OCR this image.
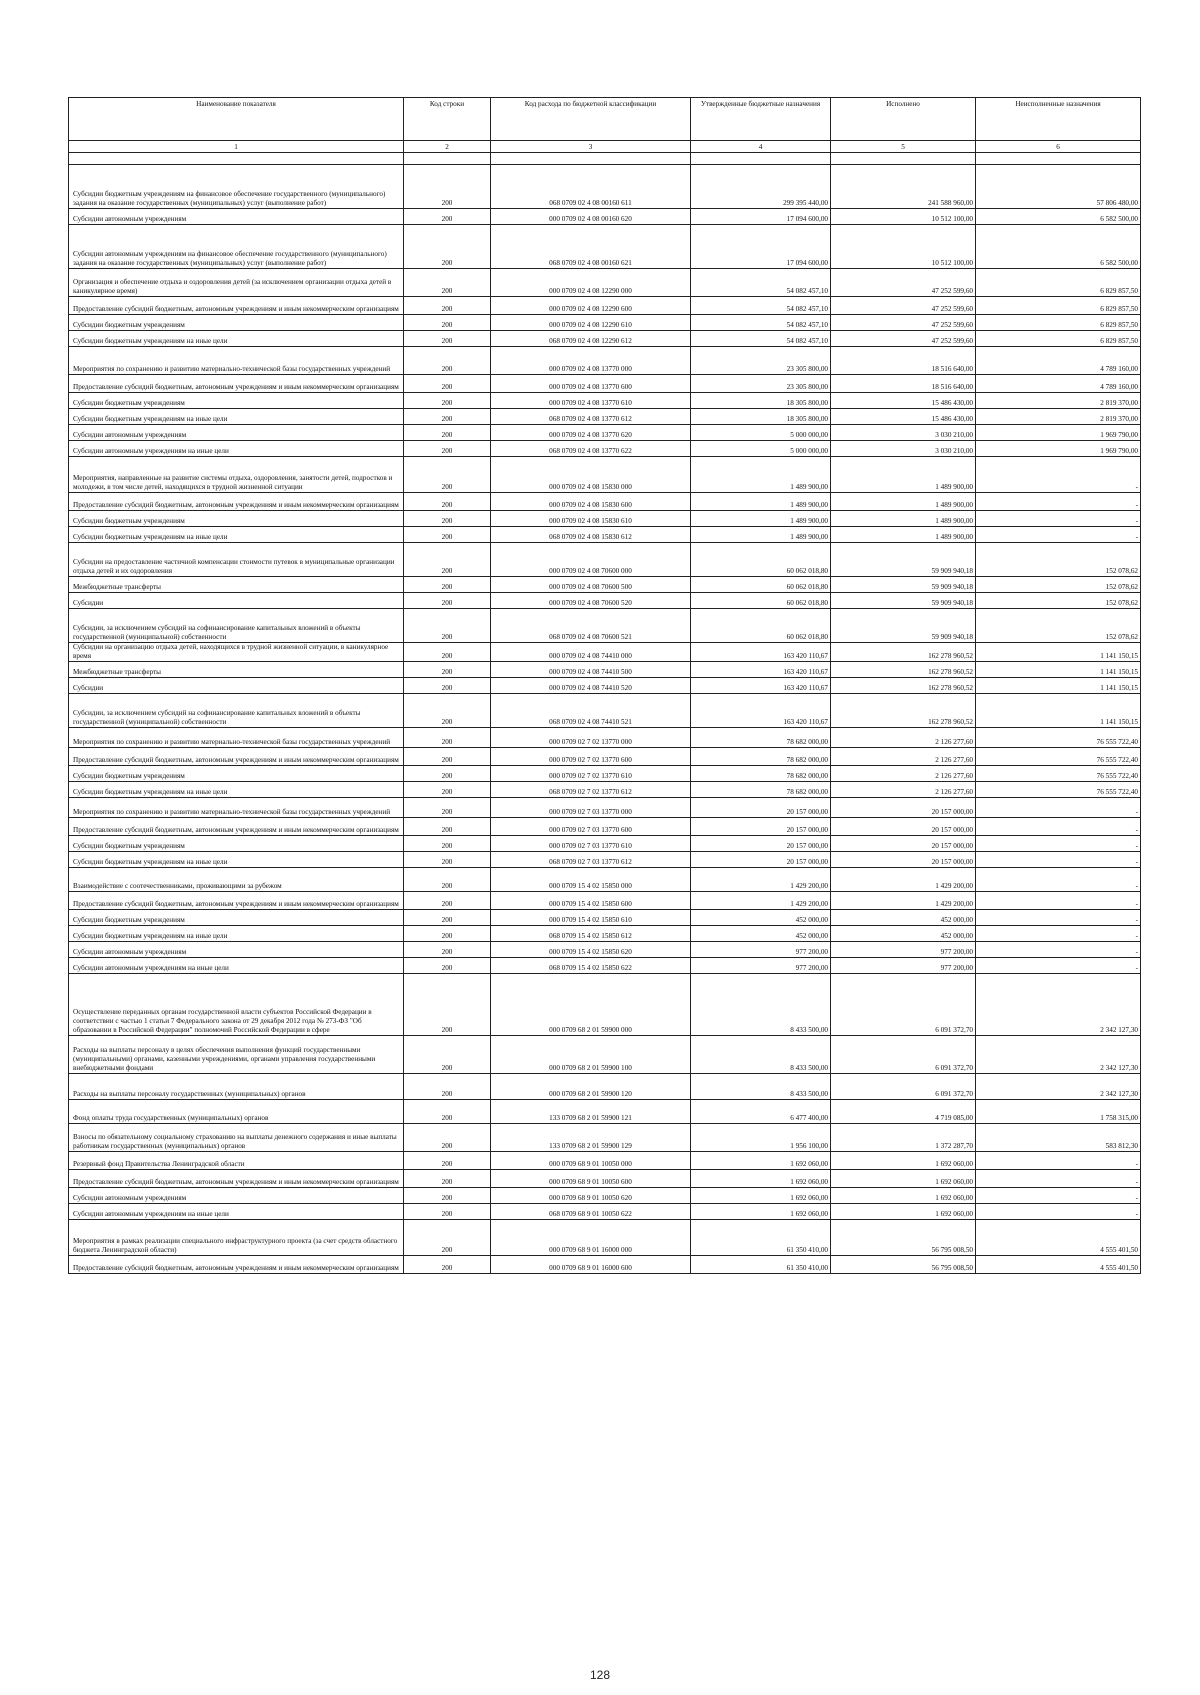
Наименование показателя	Код строки	Код расхода по бюджетной классификации	Утвержденные бюджетные назначения	Исполнено	Неисполненные назначения
1	2	3	4	5	6

Субсидии бюджетным учреждениям на финансовое обеспечение государственного (муниципального) задания на оказание государственных (муниципальных) услуг (выполнение работ)	200	068 0709 02 4 08 00160 611	299 395 440,00	241 588 960,00	57 806 480,00
Субсидии автономным учреждениям	200	000 0709 02 4 08 00160 620	17 094 600,00	10 512 100,00	6 582 500,00
Субсидии автономным учреждениям на финансовое обеспечение государственного (муниципального) задания на оказание государственных (муниципальных) услуг (выполнение работ)	200	068 0709 02 4 08 00160 621	17 094 600,00	10 512 100,00	6 582 500,00
Организация и обеспечение отдыха и оздоровления детей (за исключением организации отдыха детей в каникулярное время)	200	000 0709 02 4 08 12290 000	54 082 457,10	47 252 599,60	6 829 857,50
Предоставление субсидий бюджетным, автономным учреждениям и иным некоммерческим организациям	200	000 0709 02 4 08 12290 600	54 082 457,10	47 252 599,60	6 829 857,50
Субсидии бюджетным учреждениям	200	000 0709 02 4 08 12290 610	54 082 457,10	47 252 599,60	6 829 857,50
Субсидии бюджетным учреждениям на иные цели	200	068 0709 02 4 08 12290 612	54 082 457,10	47 252 599,60	6 829 857,50
Мероприятия по сохранению и развитию материально-технической базы государственных учреждений	200	000 0709 02 4 08 13770 000	23 305 800,00	18 516 640,00	4 789 160,00
Предоставление субсидий бюджетным, автономным учреждениям и иным некоммерческим организациям	200	000 0709 02 4 08 13770 600	23 305 800,00	18 516 640,00	4 789 160,00
Субсидии бюджетным учреждениям	200	000 0709 02 4 08 13770 610	18 305 800,00	15 486 430,00	2 819 370,00
Субсидии бюджетным учреждениям на иные цели	200	068 0709 02 4 08 13770 612	18 305 800,00	15 486 430,00	2 819 370,00
Субсидии автономным учреждениям	200	000 0709 02 4 08 13770 620	5 000 000,00	3 030 210,00	1 969 790,00
Субсидии автономным учреждениям на иные цели	200	068 0709 02 4 08 13770 622	5 000 000,00	3 030 210,00	1 969 790,00
Мероприятия, направленные на развитие системы отдыха, оздоровления, занятости детей, подростков и молодежи, в том числе детей, находящихся в трудной жизненной ситуации	200	000 0709 02 4 08 15830 000	1 489 900,00	1 489 900,00	-
Предоставление субсидий бюджетным, автономным учреждениям и иным некоммерческим организациям	200	000 0709 02 4 08 15830 600	1 489 900,00	1 489 900,00	-
Субсидии бюджетным учреждениям	200	000 0709 02 4 08 15830 610	1 489 900,00	1 489 900,00	-
Субсидии бюджетным учреждениям на иные цели	200	068 0709 02 4 08 15830 612	1 489 900,00	1 489 900,00	-
Субсидии на предоставление частичной компенсации стоимости путевок в муниципальные организации отдыха детей и их оздоровления	200	000 0709 02 4 08 70600 000	60 062 018,80	59 909 940,18	152 078,62
Межбюджетные трансферты	200	000 0709 02 4 08 70600 500	60 062 018,80	59 909 940,18	152 078,62
Субсидии	200	000 0709 02 4 08 70600 520	60 062 018,80	59 909 940,18	152 078,62
Субсидии, за исключением субсидий на софинансирование капитальных вложений в объекты государственной (муниципальной) собственности	200	068 0709 02 4 08 70600 521	60 062 018,80	59 909 940,18	152 078,62
Субсидии на организацию отдыха детей, находящихся в трудной жизненной ситуации, в каникулярное время	200	000 0709 02 4 08 74410 000	163 420 110,67	162 278 960,52	1 141 150,15
Межбюджетные трансферты	200	000 0709 02 4 08 74410 500	163 420 110,67	162 278 960,52	1 141 150,15
Субсидии	200	000 0709 02 4 08 74410 520	163 420 110,67	162 278 960,52	1 141 150,15
Субсидии, за исключением субсидий на софинансирование капитальных вложений в объекты государственной (муниципальной) собственности	200	068 0709 02 4 08 74410 521	163 420 110,67	162 278 960,52	1 141 150,15
Мероприятия по сохранению и развитию материально-технической базы государственных учреждений	200	000 0709 02 7 02 13770 000	78 682 000,00	2 126 277,60	76 555 722,40
Предоставление субсидий бюджетным, автономным учреждениям и иным некоммерческим организациям	200	000 0709 02 7 02 13770 600	78 682 000,00	2 126 277,60	76 555 722,40
Субсидии бюджетным учреждениям	200	000 0709 02 7 02 13770 610	78 682 000,00	2 126 277,60	76 555 722,40
Субсидии бюджетным учреждениям на иные цели	200	068 0709 02 7 02 13770 612	78 682 000,00	2 126 277,60	76 555 722,40
Мероприятия по сохранению и развитию материально-технической базы государственных учреждений	200	000 0709 02 7 03 13770 000	20 157 000,00	20 157 000,00	-
Предоставление субсидий бюджетным, автономным учреждениям и иным некоммерческим организациям	200	000 0709 02 7 03 13770 600	20 157 000,00	20 157 000,00	-
Субсидии бюджетным учреждениям	200	000 0709 02 7 03 13770 610	20 157 000,00	20 157 000,00	-
Субсидии бюджетным учреждениям на иные цели	200	068 0709 02 7 03 13770 612	20 157 000,00	20 157 000,00	-
Взаимодействие с соотечественниками, проживающими за рубежом	200	000 0709 15 4 02 15850 000	1 429 200,00	1 429 200,00	-
Предоставление субсидий бюджетным, автономным учреждениям и иным некоммерческим организациям	200	000 0709 15 4 02 15850 600	1 429 200,00	1 429 200,00	-
Субсидии бюджетным учреждениям	200	000 0709 15 4 02 15850 610	452 000,00	452 000,00	-
Субсидии бюджетным учреждениям на иные цели	200	068 0709 15 4 02 15850 612	452 000,00	452 000,00	-
Субсидии автономным учреждениям	200	000 0709 15 4 02 15850 620	977 200,00	977 200,00	-
Субсидии автономным учреждениям на иные цели	200	068 0709 15 4 02 15850 622	977 200,00	977 200,00	-
Осуществление переданных органам государственной власти субъектов Российской Федерации в соответствии с частью 1 статьи 7 Федерального закона от 29 декабря 2012 года № 273-ФЗ "Об образовании в Российской Федерации" полномочий Российской Федерации в сфере	200	000 0709 68 2 01 59900 000	8 433 500,00	6 091 372,70	2 342 127,30
Расходы на выплаты персоналу в целях обеспечения выполнения функций государственными (муниципальными) органами, казенными учреждениями, органами управления государственными внебюджетными фондами	200	000 0709 68 2 01 59900 100	8 433 500,00	6 091 372,70	2 342 127,30
Расходы на выплаты персоналу государственных (муниципальных) органов	200	000 0709 68 2 01 59900 120	8 433 500,00	6 091 372,70	2 342 127,30
Фонд оплаты труда государственных (муниципальных) органов	200	133 0709 68 2 01 59900 121	6 477 400,00	4 719 085,00	1 758 315,00
Взносы по обязательному социальному страхованию на выплаты денежного содержания и иные выплаты работникам государственных (муниципальных) органов	200	133 0709 68 2 01 59900 129	1 956 100,00	1 372 287,70	583 812,30
Резервный фонд Правительства Ленинградской области	200	000 0709 68 9 01 10050 000	1 692 060,00	1 692 060,00	-
Предоставление субсидий бюджетным, автономным учреждениям и иным некоммерческим организациям	200	000 0709 68 9 01 10050 600	1 692 060,00	1 692 060,00	-
Субсидии автономным учреждениям	200	000 0709 68 9 01 10050 620	1 692 060,00	1 692 060,00	-
Субсидии автономным учреждениям на иные цели	200	068 0709 68 9 01 10050 622	1 692 060,00	1 692 060,00	-
Мероприятия в рамках реализации специального инфраструктурного проекта (за счет средств областного бюджета Ленинградской области)	200	000 0709 68 9 01 16000 000	61 350 410,00	56 795 008,50	4 555 401,50
Предоставление субсидий бюджетным, автономным учреждениям и иным некоммерческим организациям	200	000 0709 68 9 01 16000 600	61 350 410,00	56 795 008,50	4 555 401,50
128
